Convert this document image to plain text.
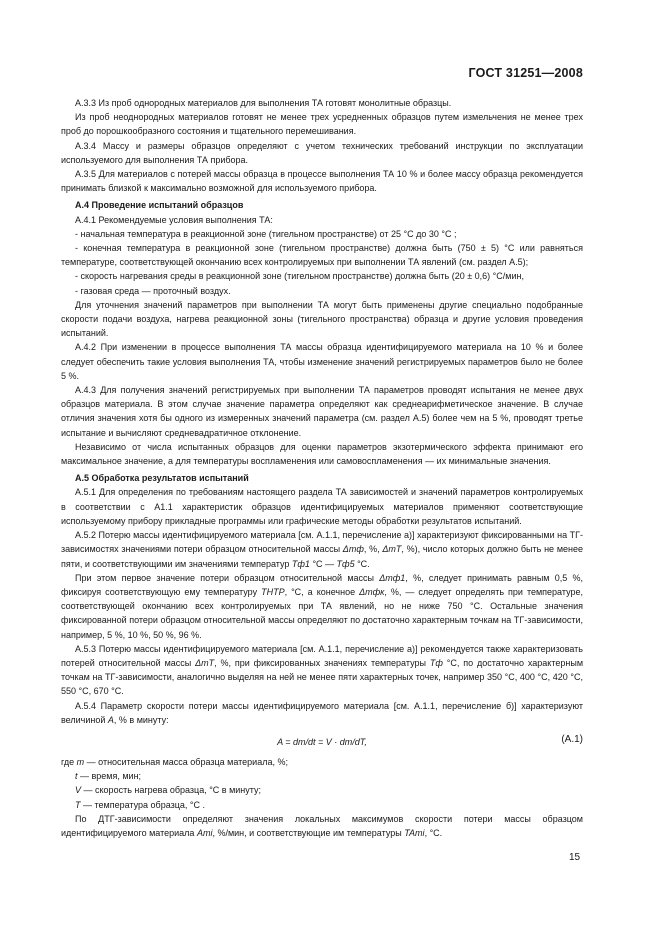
ГОСТ 31251—2008

А.3.3 Из проб однородных материалов для выполнения ТА готовят монолитные образцы.

Из проб неоднородных материалов готовят не менее трех усредненных образцов путем измельчения не менее трех проб до порошкообразного состояния и тщательного перемешивания.

А.3.4 Массу и размеры образцов определяют с учетом технических требований инструкции по эксплуатации используемого для выполнения ТА прибора.

А.3.5 Для материалов с потерей массы образца в процессе выполнения ТА 10 % и более массу образца рекомендуется принимать близкой к максимально возможной для используемого прибора.

А.4 Проведение испытаний образцов

А.4.1 Рекомендуемые условия выполнения ТА:

- начальная температура в реакционной зоне (тигельном пространстве) от 25 °С до 30 °С ;

- конечная температура в реакционной зоне (тигельном пространстве) должна быть (750 ± 5) °С или равняться температуре, соответствующей окончанию всех контролируемых при выполнении ТА явлений (см. раздел А.5);

- скорость нагревания среды в реакционной зоне (тигельном пространстве) должна быть (20 ± 0,6) °С/мин,

- газовая среда — проточный воздух.

Для уточнения значений параметров при выполнении ТА могут быть применены другие специально подобранные скорости подачи воздуха, нагрева реакционной зоны (тигельного пространства) образца и другие условия проведения испытаний.

А.4.2 При изменении в процессе выполнения ТА массы образца идентифицируемого материала на 10 % и более следует обеспечить такие условия выполнения ТА, чтобы изменение значений регистрируемых параметров было не более 5 %.

А.4.3 Для получения значений регистрируемых при выполнении ТА параметров проводят испытания не менее двух образцов материала. В этом случае значение параметра определяют как среднеарифметическое значение. В случае отличия значения хотя бы одного из измеренных значений параметра (см. раздел А.5) более чем на 5 %, проводят третье испытание и вычисляют средневадратичное отклонение.

Независимо от числа испытанных образцов для оценки параметров экзотермического эффекта принимают его максимальное значение, а для температуры воспламенения или самовоспламенения — их минимальные значения.

А.5 Обработка результатов испытаний

А.5.1 Для определения по требованиям настоящего раздела ТА зависимостей и значений параметров контролируемых в соответствии с А1.1 характеристик образцов идентифицируемых материалов применяют соответствующие используемому прибору прикладные программы или графические методы обработки результатов испытаний.

А.5.2 Потерю массы идентифицируемого материала [см. А.1.1, перечисление а)] характеризуют фиксированными на ТГ-зависимостях значениями потери образцом относительной массы Δmф, %, ΔmT, %), число которых должно быть не менее пяти, и соответствующими им значениями температур Tф1 °С — Tф5 °С.

При этом первое значение потери образцом относительной массы Δmф1, %, следует принимать равным 0,5 %, фиксируя соответствующую ему температуру TНТР, °С, а конечное Δmфк, %, — следует определять при температуре, соответствующей окончанию всех контролируемых при ТА явлений, но не ниже 750 °С. Остальные значения фиксированной потери образцом относительной массы определяют по достаточно характерным точкам на ТГ-зависимости, например, 5 %, 10 %, 50 %, 96 %.

А.5.3 Потерю массы идентифицируемого материала [см. А.1.1, перечисление а)] рекомендуется также характеризовать потерей относительной массы ΔmT, %, при фиксированных значениях температуры Tф °С, по достаточно характерным точкам на ТГ-зависимости, аналогично выделяя на ней не менее пяти характерных точек, например 350 °С, 400 °С, 420 °С, 550 °С, 670 °С.

А.5.4 Параметр скорости потери массы идентифицируемого материала [см. А.1.1, перечисление б)] характеризуют величиной A, % в минуту:

A = dm/dt = V · dm/dT,	(А.1)

где m — относительная масса образца материала, %;

t — время, мин;

V — скорость нагрева образца, °С в минуту;

T — температура образца, °С .

По ДТГ-зависимости определяют значения локальных максимумов скорости потери массы образцом идентифицируемого материала Ami, %/мин, и соответствующие им температуры TAmi, °С.

15
